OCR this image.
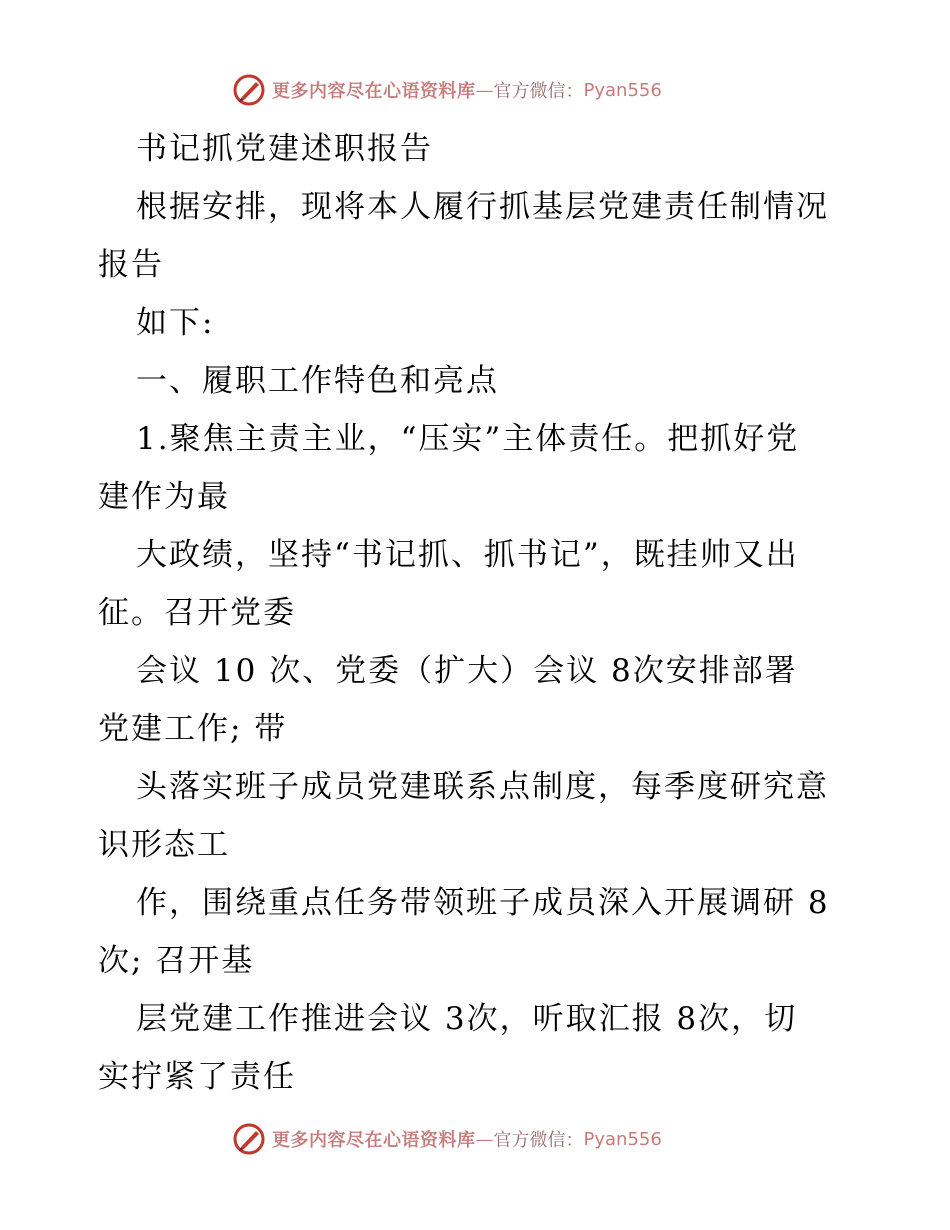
更多内容尽在心语资料库 — 官方微信： Pyan556
书记抓党建述职报告
根据安排，现将本人履行抓基层党建责任制情况
报告
如下:
一、履职工作特色和亮点
1.聚焦主责主业，“压实”主体责任。把抓好党
建作为最
大政绩，坚持“书记抓、抓书记”，既挂帅又出
征。召开党委
会议 10 次、党委（扩大）会议 8次安排部署
党建工作; 带
头落实班子成员党建联系点制度，每季度研究意
识形态工
作，围绕重点任务带领班子成员深入开展调研 8
次; 召开基
层党建工作推进会议 3次，听取汇报 8次，切
实拧紧了责任
更多内容尽在心语资料库 — 官方微信： Pyan556
